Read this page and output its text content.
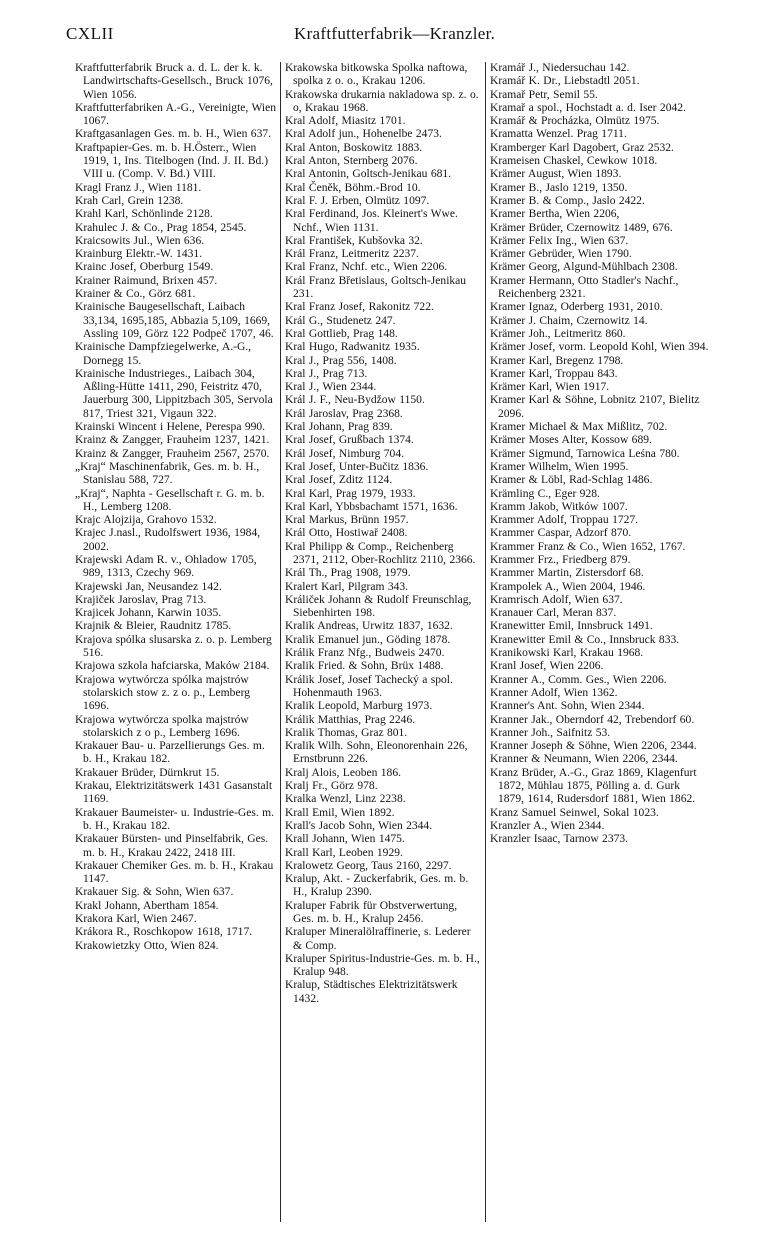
CXLII	Kraftfutterfabrik—Kranzler.

Kraftfutterfabrik Bruck a. d. L. der k. k. Landwirtschafts-Gesellsch., Bruck 1076, Wien 1056.

Kraftfutterfabriken A.-G., Vereinigte, Wien 1067.

Kraftgasanlagen Ges. m. b. H., Wien 637.

Kraftpapier-Ges. m. b. H.Österr., Wien 1919, 1, Ins. Titelbogen (Ind. J. II. Bd.) VIII u. (Comp. V. Bd.) VIII.

Kragl Franz J., Wien 1181.

Krah Carl, Grein 1238.

Krahl Karl, Schönlinde 2128.

Krahulec J. & Co., Prag 1854, 2545.

Kraicsowits Jul., Wien 636.

Krainburg Elektr.-W. 1431.

Krainc Josef, Oberburg 1549.

Krainer Raimund, Brixen 457.

Krainer & Co., Görz 681.

Krainische Baugesellschaft, Laibach 33,134, 1695,185, Abbazia 5,109, 1669, Assling 109, Görz 122 Podpeč 1707, 46.

Krainische Dampfziegelwerke, A.-G., Dornegg 15.

Krainische Industrieges., Laibach 304, Aßling-Hütte 1411, 290, Feistritz 470, Jauerburg 300, Lippitzbach 305, Servola 817, Triest 321, Vigaun 322.

Krainski Wincent i Helene, Perespa 990.

Krainz & Zangger, Frauheim 1237, 1421.

Krainz & Zangger, Frauheim 2567, 2570.

„Kraj“ Maschinenfabrik, Ges. m. b. H., Stanislau 588, 727.

„Kraj“, Naphta - Gesellschaft r. G. m. b. H., Lemberg 1208.

Krajc Alojzija, Grahovo 1532.

Krajec J.nasl., Rudolfswert 1936, 1984, 2002.

Krajewski Adam R. v., Ohladow 1705, 989, 1313, Czechy 969.

Krajewski Jan, Neusandez 142.

Krajiček Jaroslav, Prag 713.

Krajicek Johann, Karwin 1035.

Krajnik & Bleier, Raudnitz 1785.

Krajova spólka slusarska z. o. p. Lemberg 516.

Krajowa szkola hafciarska, Maków 2184.

Krajowa wytwórcza spólka majstrów stolarskich stow z. z o. p., Lemberg 1696.

Krajowa wytwórcza spolka majstrów stolarskich z o p., Lemberg 1696.

Krakauer Bau- u. Parzellierungs Ges. m. b. H., Krakau 182.

Krakauer Brüder, Dürnkrut 15.

Krakau, Elektrizitätswerk 1431 Gasanstalt 1169.

Krakauer Baumeister- u. Industrie-Ges. m. b. H., Krakau 182.

Krakauer Bürsten- und Pinselfabrik, Ges. m. b. H., Krakau 2422, 2418 III.

Krakauer Chemiker Ges. m. b. H., Krakau 1147.

Krakauer Sig. & Sohn, Wien 637.

Krakl Johann, Abertham 1854.

Krakora Karl, Wien 2467.

Krákora R., Roschkopow 1618, 1717.

Krakowietzky Otto, Wien 824.

Krakowska bitkowska Spolka naftowa, spolka z o. o., Krakau 1206.

Krakowska drukarnia nakladowa sp. z. o. o, Krakau 1968.

Kral Adolf, Miasitz 1701.

Kral Adolf jun., Hohenelbe 2473.

Kral Anton, Boskowitz 1883.

Kral Anton, Sternberg 2076.

Kral Antonin, Goltsch-Jenikau 681.

Kral Čeněk, Böhm.-Brod 10.

Kral F. J. Erben, Olmütz 1097.

Kral Ferdinand, Jos. Kleinert's Wwe. Nchf., Wien 1131.

Kral František, Kubšovka 32.

Král Franz, Leitmeritz 2237.

Kral Franz, Nchf. etc., Wien 2206.

Král Franz Břetislaus, Goltsch-Jenikau 231.

Kral Franz Josef, Rakonitz 722.

Král G., Studenetz 247.

Kral Gottlieb, Prag 148.

Kral Hugo, Radwanitz 1935.

Kral J., Prag 556, 1408.

Kral J., Prag 713.

Kral J., Wien 2344.

Král J. F., Neu-Bydžow 1150.

Král Jaroslav, Prag 2368.

Kral Johann, Prag 839.

Kral Josef, Grußbach 1374.

Král Josef, Nimburg 704.

Kral Josef, Unter-Bučitz 1836.

Kral Josef, Zditz 1124.

Kral Karl, Prag 1979, 1933.

Kral Karl, Ybbsbachamt 1571, 1636.

Kral Markus, Brünn 1957.

Král Otto, Hostiwař 2408.

Kral Philipp & Comp., Reichenberg 2371, 2112, Ober-Rochlitz 2110, 2366.

Král Th., Prag 1908, 1979.

Kralert Karl, Pilgram 343.

Králiček Johann & Rudolf Freunschlag, Siebenhirten 198.

Kralik Andreas, Urwitz 1837, 1632.

Kralik Emanuel jun., Göding 1878.

Králik Franz Nfg., Budweis 2470.

Kralik Fried. & Sohn, Brüx 1488.

Králik Josef, Josef Tachecký a spol. Hohenmauth 1963.

Kralik Leopold, Marburg 1973.

Králik Matthias, Prag 2246.

Kralik Thomas, Graz 801.

Kralik Wilh. Sohn, Eleonorenhain 226, Ernstbrunn 226.

Kralj Alois, Leoben 186.

Kralj Fr., Görz 978.

Kralka Wenzl, Linz 2238.

Krall Emil, Wien 1892.

Krall's Jacob Sohn, Wien 2344.

Krall Johann, Wien 1475.

Krall Karl, Leoben 1929.

Kralowetz Georg, Taus 2160, 2297.

Kralup, Akt. - Zuckerfabrik, Ges. m. b. H., Kralup 2390.

Kraluper Fabrik für Obstverwertung, Ges. m. b. H., Kralup 2456.

Kraluper Mineralölraffinerie, s. Lederer & Comp.

Kraluper Spiritus-Industrie-Ges. m. b. H., Kralup 948.

Kralup, Städtisches Elektrizitätswerk 1432.

Kramář J., Niedersuchau 142.

Kramář K. Dr., Liebstadtl 2051.

Kramař Petr, Semil 55.

Kramař a spol., Hochstadt a. d. Iser 2042.

Kramář & Procházka, Olmütz 1975.

Kramatta Wenzel. Prag 1711.

Kramberger Karl Dagobert, Graz 2532.

Krameisen Chaskel, Cewkow 1018.

Krämer August, Wien 1893.

Kramer B., Jaslo 1219, 1350.

Kramer B. & Comp., Jaslo 2422.

Kramer Bertha, Wien 2206,

Krämer Brüder, Czernowitz 1489, 676.

Krämer Felix Ing., Wien 637.

Krämer Gebrüder, Wien 1790.

Krämer Georg, Algund-Mühlbach 2308.

Kramer Hermann, Otto Stadler's Nachf., Reichenberg 2321.

Kramer Ignaz, Oderberg 1931, 2010.

Krämer J. Chaim, Czernowitz 14.

Krämer Joh., Leitmeritz 860.

Krämer Josef, vorm. Leopold Kohl, Wien 394.

Kramer Karl, Bregenz 1798.

Kramer Karl, Troppau 843.

Krämer Karl, Wien 1917.

Kramer Karl & Söhne, Lobnitz 2107, Bielitz 2096.

Kramer Michael & Max Mißlitz, 702.

Krämer Moses Alter, Kossow 689.

Krämer Sigmund, Tarnowica Leśna 780.

Kramer Wilhelm, Wien 1995.

Kramer & Löbl, Rad-Schlag 1486.

Krämling C., Eger 928.

Kramm Jakob, Witków 1007.

Krammer Adolf, Troppau 1727.

Krammer Caspar, Adzorf 870.

Krammer Franz & Co., Wien 1652, 1767.

Krammer Frz., Friedberg 879.

Krammer Martin, Zistersdorf 68.

Krampolek A., Wien 2004, 1946.

Kramrisch Adolf, Wien 637.

Kranauer Carl, Meran 837.

Kranewitter Emil, Innsbruck 1491.

Kranewitter Emil & Co., Innsbruck 833.

Kranikowski Karl, Krakau 1968.

Kranl Josef, Wien 2206.

Kranner A., Comm. Ges., Wien 2206.

Kranner Adolf, Wien 1362.

Kranner's Ant. Sohn, Wien 2344.

Kranner Jak., Oberndorf 42, Trebendorf 60.

Kranner Joh., Saifnitz 53.

Kranner Joseph & Söhne, Wien 2206, 2344.

Kranner & Neumann, Wien 2206, 2344.

Kranz Brüder, A.-G., Graz 1869, Klagenfurt 1872, Mühlau 1875, Pölling a. d. Gurk 1879, 1614, Rudersdorf 1881, Wien 1862.

Kranz Samuel Seinwel, Sokal 1023.

Kranzler A., Wien 2344.

Kranzler Isaac, Tarnow 2373.
